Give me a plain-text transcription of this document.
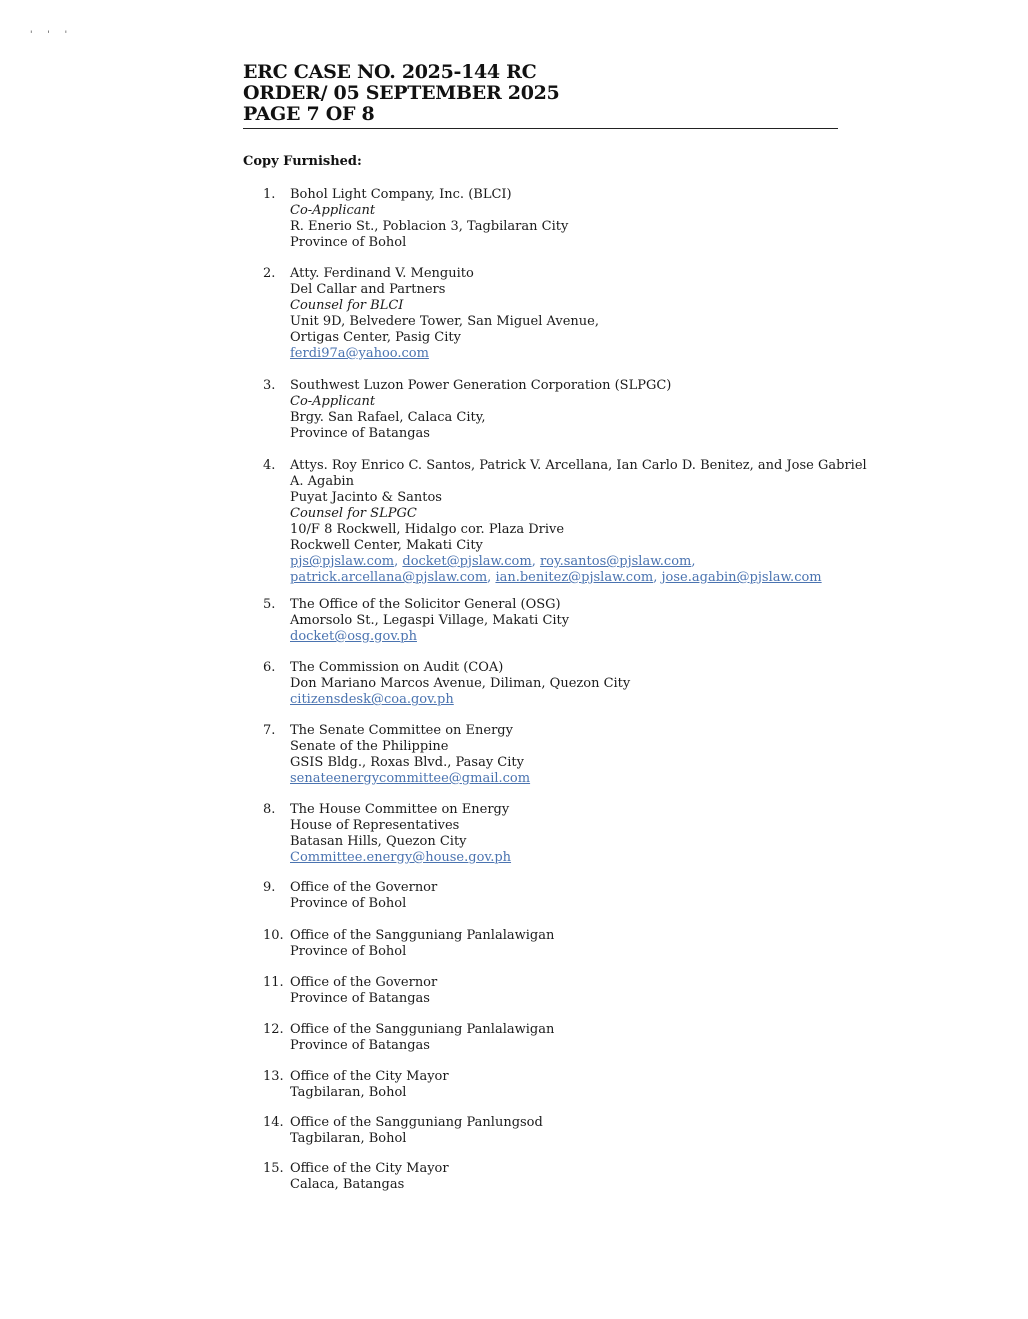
' ' '
ERC CASE NO. 2025-144 RC
ORDER/ 05 SEPTEMBER 2025
PAGE 7 OF 8
Copy Furnished:
1.	Bohol Light Company, Inc. (BLCI)
Co-Applicant
R. Enerio St., Poblacion 3, Tagbilaran City
Province of Bohol
2.	Atty. Ferdinand V. Menguito
Del Callar and Partners
Counsel for BLCI
Unit 9D, Belvedere Tower, San Miguel Avenue,
Ortigas Center, Pasig City
ferdi97a@yahoo.com
3.	Southwest Luzon Power Generation Corporation (SLPGC)
Co-Applicant
Brgy. San Rafael, Calaca City,
Province of Batangas
4.	Attys. Roy Enrico C. Santos, Patrick V. Arcellana, Ian Carlo D. Benitez, and Jose Gabriel
A. Agabin
Puyat Jacinto & Santos
Counsel for SLPGC
10/F 8 Rockwell, Hidalgo cor. Plaza Drive
Rockwell Center, Makati City
pjs@pjslaw.com, docket@pjslaw.com, roy.santos@pjslaw.com,
patrick.arcellana@pjslaw.com, ian.benitez@pjslaw.com, jose.agabin@pjslaw.com
5.	The Office of the Solicitor General (OSG)
Amorsolo St., Legaspi Village, Makati City
docket@osg.gov.ph
6.	The Commission on Audit (COA)
Don Mariano Marcos Avenue, Diliman, Quezon City
citizensdesk@coa.gov.ph
7.	The Senate Committee on Energy
Senate of the Philippine
GSIS Bldg., Roxas Blvd., Pasay City
senateenergycommittee@gmail.com
8.	The House Committee on Energy
House of Representatives
Batasan Hills, Quezon City
Committee.energy@house.gov.ph
9.	Office of the Governor
Province of Bohol
10. Office of the Sangguniang Panlalawigan
Province of Bohol
11. Office of the Governor
Province of Batangas
12. Office of the Sangguniang Panlalawigan
Province of Batangas
13. Office of the City Mayor
Tagbilaran, Bohol
14. Office of the Sangguniang Panlungsod
Tagbilaran, Bohol
15. Office of the City Mayor
Calaca, Batangas
